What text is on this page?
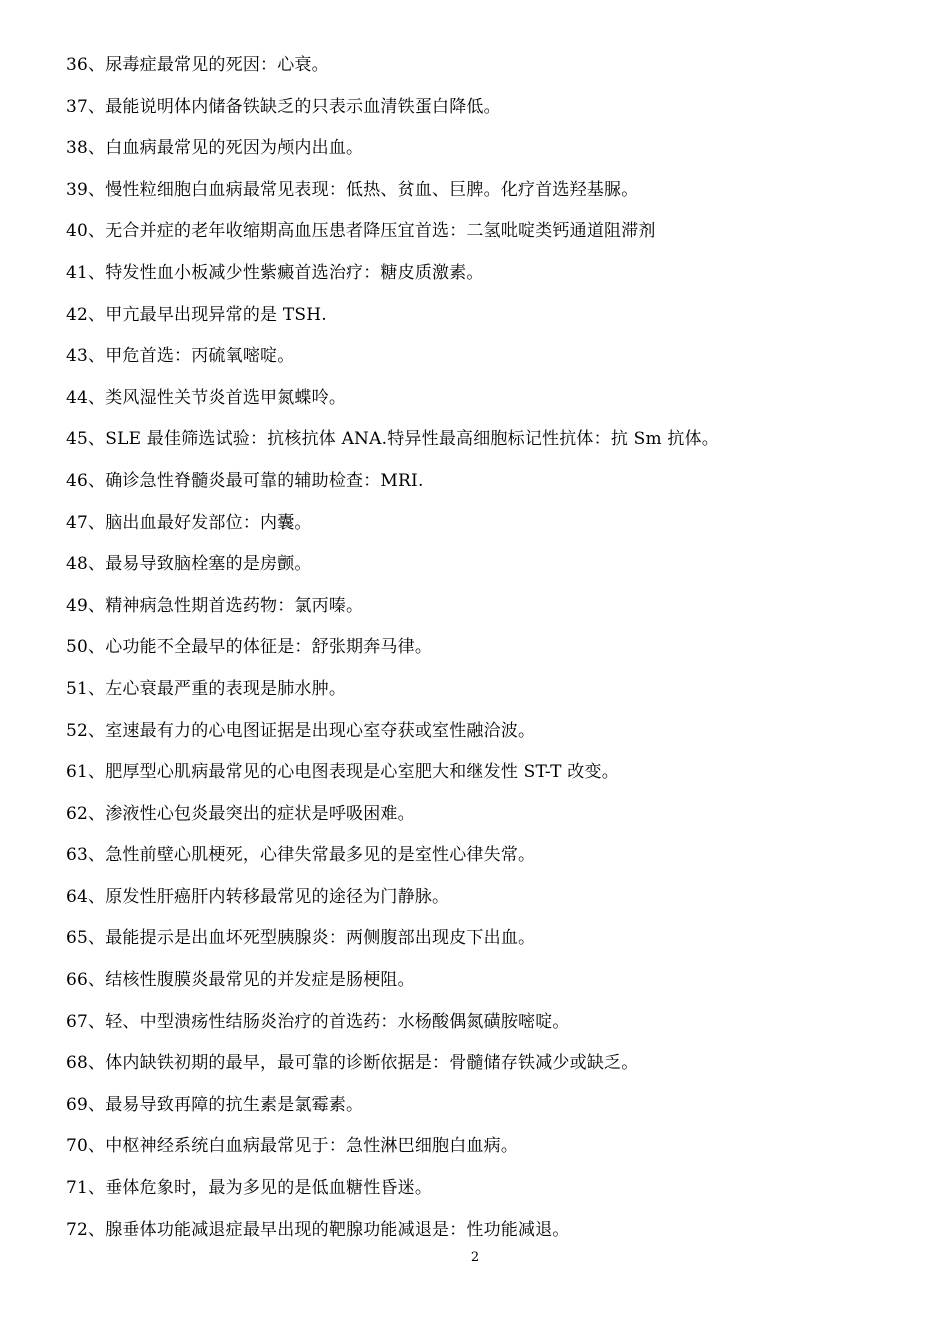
36、尿毒症最常见的死因：心衰。
37、最能说明体内储备铁缺乏的只表示血清铁蛋白降低。
38、白血病最常见的死因为颅内出血。
39、慢性粒细胞白血病最常见表现：低热、贫血、巨脾。化疗首选羟基脲。
40、无合并症的老年收缩期高血压患者降压宜首选：二氢吡啶类钙通道阻滞剂
41、特发性血小板减少性紫癜首选治疗：糖皮质激素。
42、甲亢最早出现异常的是 TSH.
43、甲危首选：丙硫氧嘧啶。
44、类风湿性关节炎首选甲氮蝶呤。
45、SLE 最佳筛选试验：抗核抗体 ANA.特异性最高细胞标记性抗体：抗 Sm 抗体。
46、确诊急性脊髓炎最可靠的辅助检查：MRI.
47、脑出血最好发部位：内囊。
48、最易导致脑栓塞的是房颤。
49、精神病急性期首选药物：氯丙嗪。
50、心功能不全最早的体征是：舒张期奔马律。
51、左心衰最严重的表现是肺水肿。
52、室速最有力的心电图证据是出现心室夺获或室性融洽波。
61、肥厚型心肌病最常见的心电图表现是心室肥大和继发性 ST-T 改变。
62、渗液性心包炎最突出的症状是呼吸困难。
63、急性前壁心肌梗死，心律失常最多见的是室性心律失常。
64、原发性肝癌肝内转移最常见的途径为门静脉。
65、最能提示是出血坏死型胰腺炎：两侧腹部出现皮下出血。
66、结核性腹膜炎最常见的并发症是肠梗阻。
67、轻、中型溃疡性结肠炎治疗的首选药：水杨酸偶氮磺胺嘧啶。
68、体内缺铁初期的最早，最可靠的诊断依据是：骨髓储存铁减少或缺乏。
69、最易导致再障的抗生素是氯霉素。
70、中枢神经系统白血病最常见于：急性淋巴细胞白血病。
71、垂体危象时，最为多见的是低血糖性昏迷。
72、腺垂体功能减退症最早出现的靶腺功能减退是：性功能减退。
2
